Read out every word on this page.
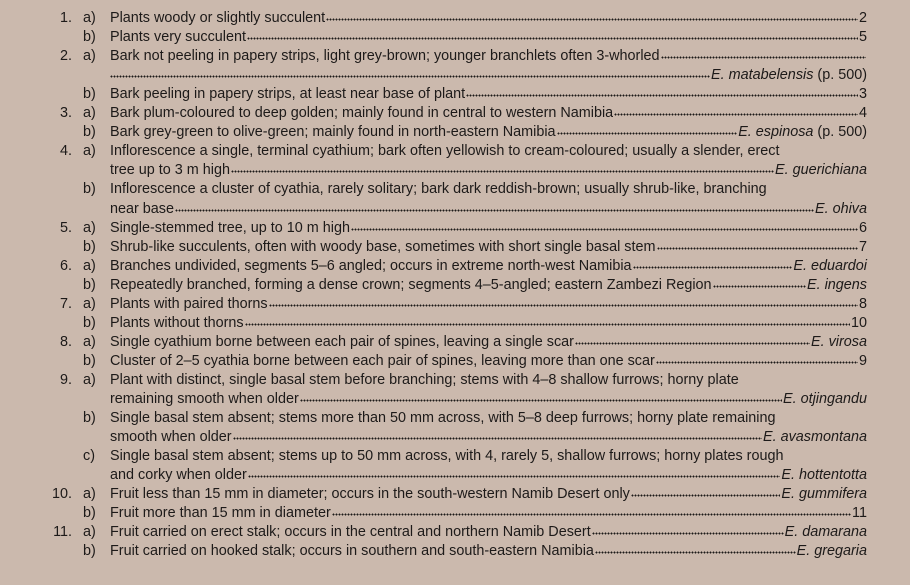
1. a) Plants woody or slightly succulent	2
b) Plants very succulent	5
2. a) Bark not peeling in papery strips, light grey-brown; younger branchlets often 3-whorled
E. matabelensis (p. 500)
b) Bark peeling in papery strips, at least near base of plant	3
3. a) Bark plum-coloured to deep golden; mainly found in central to western Namibia	4
b) Bark grey-green to olive-green; mainly found in north-eastern Namibia	E. espinosa (p. 500)
4. a) Inflorescence a single, terminal cyathium; bark often yellowish to cream-coloured; usually a slender, erect
tree up to 3 m high	E. guerichiana
b) Inflorescence a cluster of cyathia, rarely solitary; bark dark reddish-brown; usually shrub-like, branching
near base	E. ohiva
5. a) Single-stemmed tree, up to 10 m high	6
b) Shrub-like succulents, often with woody base, sometimes with short single basal stem	7
6. a) Branches undivided, segments 5–6 angled; occurs in extreme north-west Namibia	E. eduardoi
b) Repeatedly branched, forming a dense crown; segments 4–5-angled; eastern Zambezi Region	E. ingens
7. a) Plants with paired thorns	8
b) Plants without thorns	10
8. a) Single cyathium borne between each pair of spines, leaving a single scar	E. virosa
b) Cluster of 2–5 cyathia borne between each pair of spines, leaving more than one scar	9
9. a) Plant with distinct, single basal stem before branching; stems with 4–8 shallow furrows; horny plate
remaining smooth when older	E. otjingandu
b) Single basal stem absent; stems more than 50 mm across, with 5–8 deep furrows; horny plate remaining
smooth when older	E. avasmontana
c) Single basal stem absent; stems up to 50 mm across, with 4, rarely 5, shallow furrows; horny plates rough
and corky when older	E. hottentotta
10. a) Fruit less than 15 mm in diameter; occurs in the south-western Namib Desert only	E. gummifera
b) Fruit more than 15 mm in diameter	11
11. a) Fruit carried on erect stalk; occurs in the central and northern Namib Desert	E. damarana
b) Fruit carried on hooked stalk; occurs in southern and south-eastern Namibia	E. gregaria
